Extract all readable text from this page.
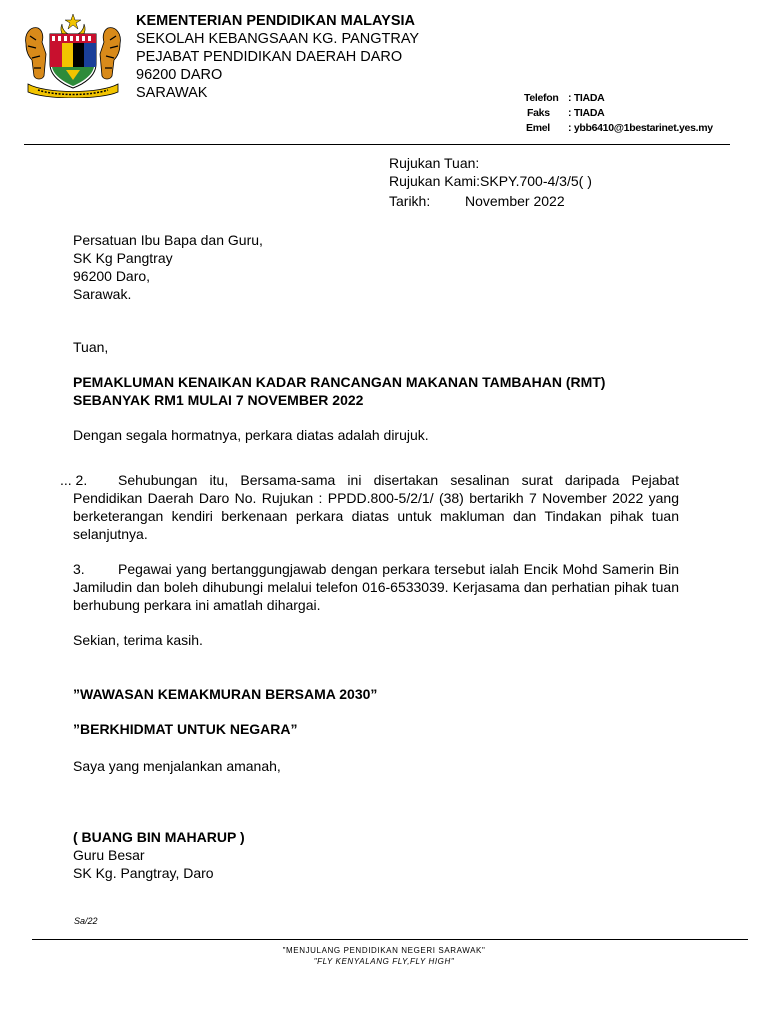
KEMENTERIAN PENDIDIKAN MALAYSIA
SEKOLAH KEBANGSAAN KG. PANGTRAY
PEJABAT PENDIDIKAN DAERAH DARO
96200 DARO
SARAWAK	Telefon : TIADA
Faks : TIADA
Emel : ybb6410@1bestarinet.yes.my
Rujukan Tuan:
Rujukan Kami:SKPY.700-4/3/5( )
Tarikh: November 2022
Persatuan Ibu Bapa dan Guru,
SK Kg Pangtray
96200 Daro,
Sarawak.
Tuan,
PEMAKLUMAN KENAIKAN KADAR RANCANGAN MAKANAN TAMBAHAN (RMT)
SEBANYAK RM1 MULAI 7 NOVEMBER 2022
Dengan segala hormatnya, perkara diatas adalah dirujuk.
... 2.	Sehubungan itu, Bersama-sama ini disertakan sesalinan surat daripada Pejabat Pendidikan Daerah Daro No. Rujukan : PPDD.800-5/2/1/ (38) bertarikh 7 November 2022 yang berketerangan kendiri berkenaan perkara diatas untuk makluman dan Tindakan pihak tuan selanjutnya.
3.	Pegawai yang bertanggungjawab dengan perkara tersebut ialah Encik Mohd Samerin Bin Jamiludin dan boleh dihubungi melalui telefon 016-6533039. Kerjasama dan perhatian pihak tuan berhubung perkara ini amatlah dihargai.
Sekian, terima kasih.
”WAWASAN KEMAKMURAN BERSAMA 2030”
”BERKHIDMAT UNTUK NEGARA”
Saya yang menjalankan amanah,
( BUANG BIN MAHARUP )
Guru Besar
SK Kg. Pangtray, Daro
Sa/22
"MENJULANG PENDIDIKAN NEGERI SARAWAK"
"FLY KENYALANG FLY,FLY HIGH"
